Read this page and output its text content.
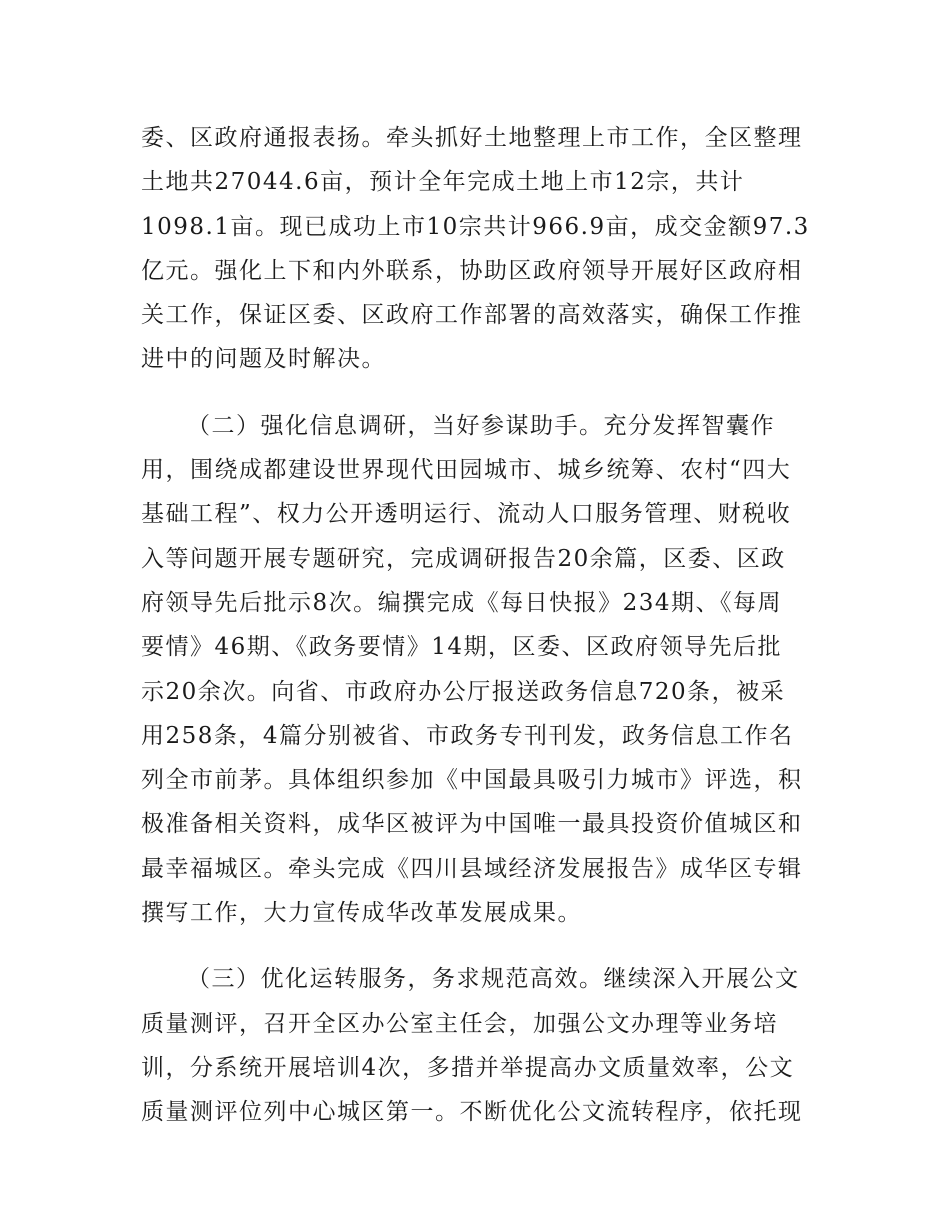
委、区政府通报表扬。牵头抓好土地整理上市工作，全区整理
土地共27044.6亩，预计全年完成土地上市12宗，共计
1098.1亩。现已成功上市10宗共计966.9亩，成交金额97.3
亿元。强化上下和内外联系，协助区政府领导开展好区政府相
关工作，保证区委、区政府工作部署的高效落实，确保工作推
进中的问题及时解决。

（二）强化信息调研，当好参谋助手。充分发挥智囊作
用，围绕成都建设世界现代田园城市、城乡统筹、农村“四大
基础工程”、权力公开透明运行、流动人口服务管理、财税收
入等问题开展专题研究，完成调研报告20余篇，区委、区政
府领导先后批示8次。编撰完成《每日快报》234期、《每周
要情》46期、《政务要情》14期，区委、区政府领导先后批
示20余次。向省、市政府办公厅报送政务信息720条，被采
用258条，4篇分别被省、市政务专刊刊发，政务信息工作名
列全市前茅。具体组织参加《中国最具吸引力城市》评选，积
极准备相关资料，成华区被评为中国唯一最具投资价值城区和
最幸福城区。牵头完成《四川县域经济发展报告》成华区专辑
撰写工作，大力宣传成华改革发展成果。

（三）优化运转服务，务求规范高效。继续深入开展公文
质量测评，召开全区办公室主任会，加强公文办理等业务培
训，分系统开展培训4次，多措并举提高办文质量效率，公文
质量测评位列中心城区第一。不断优化公文流转程序，依托现
